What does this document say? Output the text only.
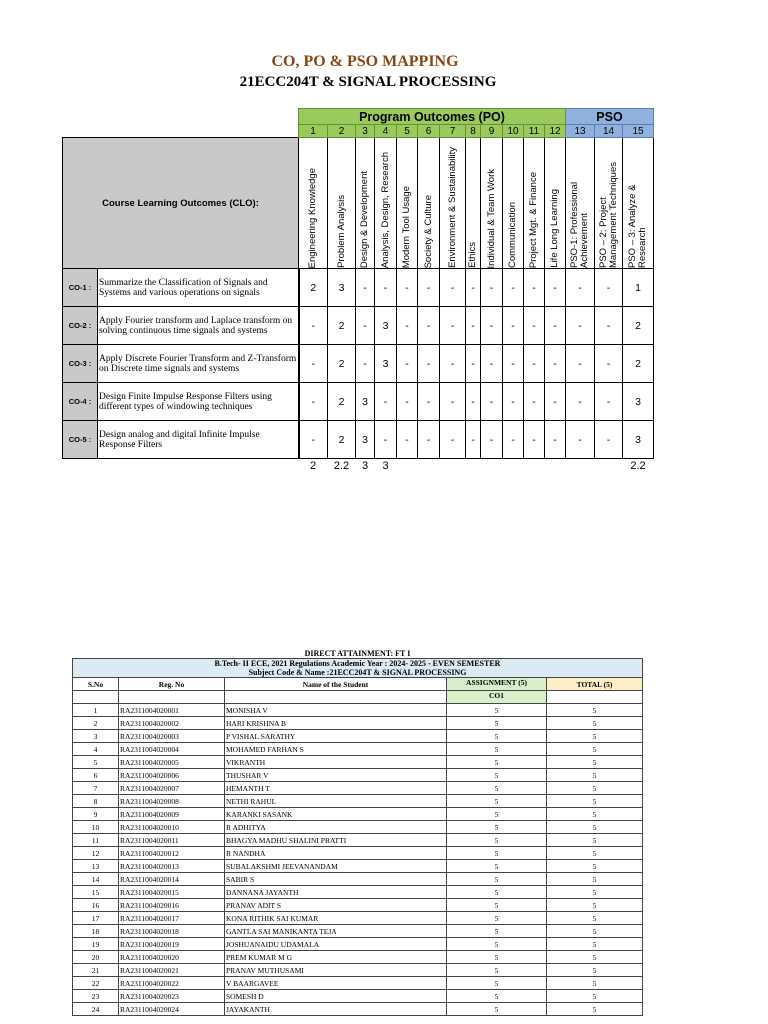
CO, PO & PSO MAPPING
21ECC204T & SIGNAL PROCESSING
		Program Outcomes (PO)												PSO		
		1	2	3	4	5	6	7	8	9	10	11	12	13	14	15
Course Learning Outcomes (CLO):		Engineering Knowledge	Problem Analysis	Design & Development	Analysis, Design, Research	Modern Tool Usage	Society & Culture	Environment & Sustainability	Ethics	Individual & Team Work	Communication	Project Mgt. & Finance	Life Long Learning	PSO-1: Professional Achievement	PSO – 2: Project Management Techniques	PSO – 3: Analyze & Research

CO-1 :	Summarize the Classification of Signals and Systems and various operations on signals	2	3	-	-	-	-	-	-	-	-	-	-	-	-	1
CO-2 :	Apply Fourier transform and Laplace transform on solving continuous time signals and systems	-	2	-	3	-	-	-	-	-	-	-	-	-	-	2
CO-3 :	Apply Discrete Fourier Transform and Z-Transform on Discrete time signals and systems	-	2	-	3	-	-	-	-	-	-	-	-	-	-	2
CO-4 :	Design Finite Impulse Response Filters using different types of windowing techniques	-	2	3	-	-	-	-	-	-	-	-	-	-	-	3
CO-5 :	Design analog and digital Infinite Impulse Response Filters	-	2	3	-	-	-	-	-	-	-	-	-	-	-	3
		2	2.2	3	3											2.2
DIRECT ATTAINMENT: FT I				

B.Tech- II ECE, 2021 Regulations Academic Year : 2024- 2025 - EVEN SEMESTER
Subject Code & Name :21ECC204T & SIGNAL PROCESSING				

S.No	Reg. No	Name of the Student	ASSIGNMENT (5)	TOTAL (5)
			CO1	
1	RA2311004020001	MONISHA V	5	5
2	RA2311004020002	HARI KRISHNA B	5	5
3	RA2311004020003	P VISHAL SARATHY	5	5
4	RA2311004020004	MOHAMED FARHAN S	5	5
5	RA2311004020005	VIKRANTH	5	5
6	RA2311004020006	THUSHAR V	5	5
7	RA2311004020007	HEMANTH T	5	5
8	RA2311004020008	NETHI RAHUL	5	5
9	RA2311004020009	KARANKI SASANK	5	5
10	RA2311004020010	R ADHITYA	5	5
11	RA2311004020011	BHAGYA MADHU SHALINI PRATTI	5	5
12	RA2311004020012	R NANDHA	5	5
13	RA2311004020013	SUBALAKSHMI JEEVANANDAM	5	5
14	RA2311004020014	SABIR S	5	5
15	RA2311004020015	DANNANA JAYANTH	5	5
16	RA2311004020016	PRANAV ADIT S	5	5
17	RA2311004020017	KONA RITHIK SAI KUMAR	5	5
18	RA2311004020018	GANTLA SAI MANIKANTA TEJA	5	5
19	RA2311004020019	JOSHUANAIDU UDAMALA	5	5
20	RA2311004020020	PREM KUMAR M G	5	5
21	RA2311004020021	PRANAV MUTHUSAMI	5	5
22	RA2311004020022	V BAARGAVEE	5	5
23	RA2311004020023	SOMESH D	5	5
24	RA2311004020024	JAYAKANTH	5	5
